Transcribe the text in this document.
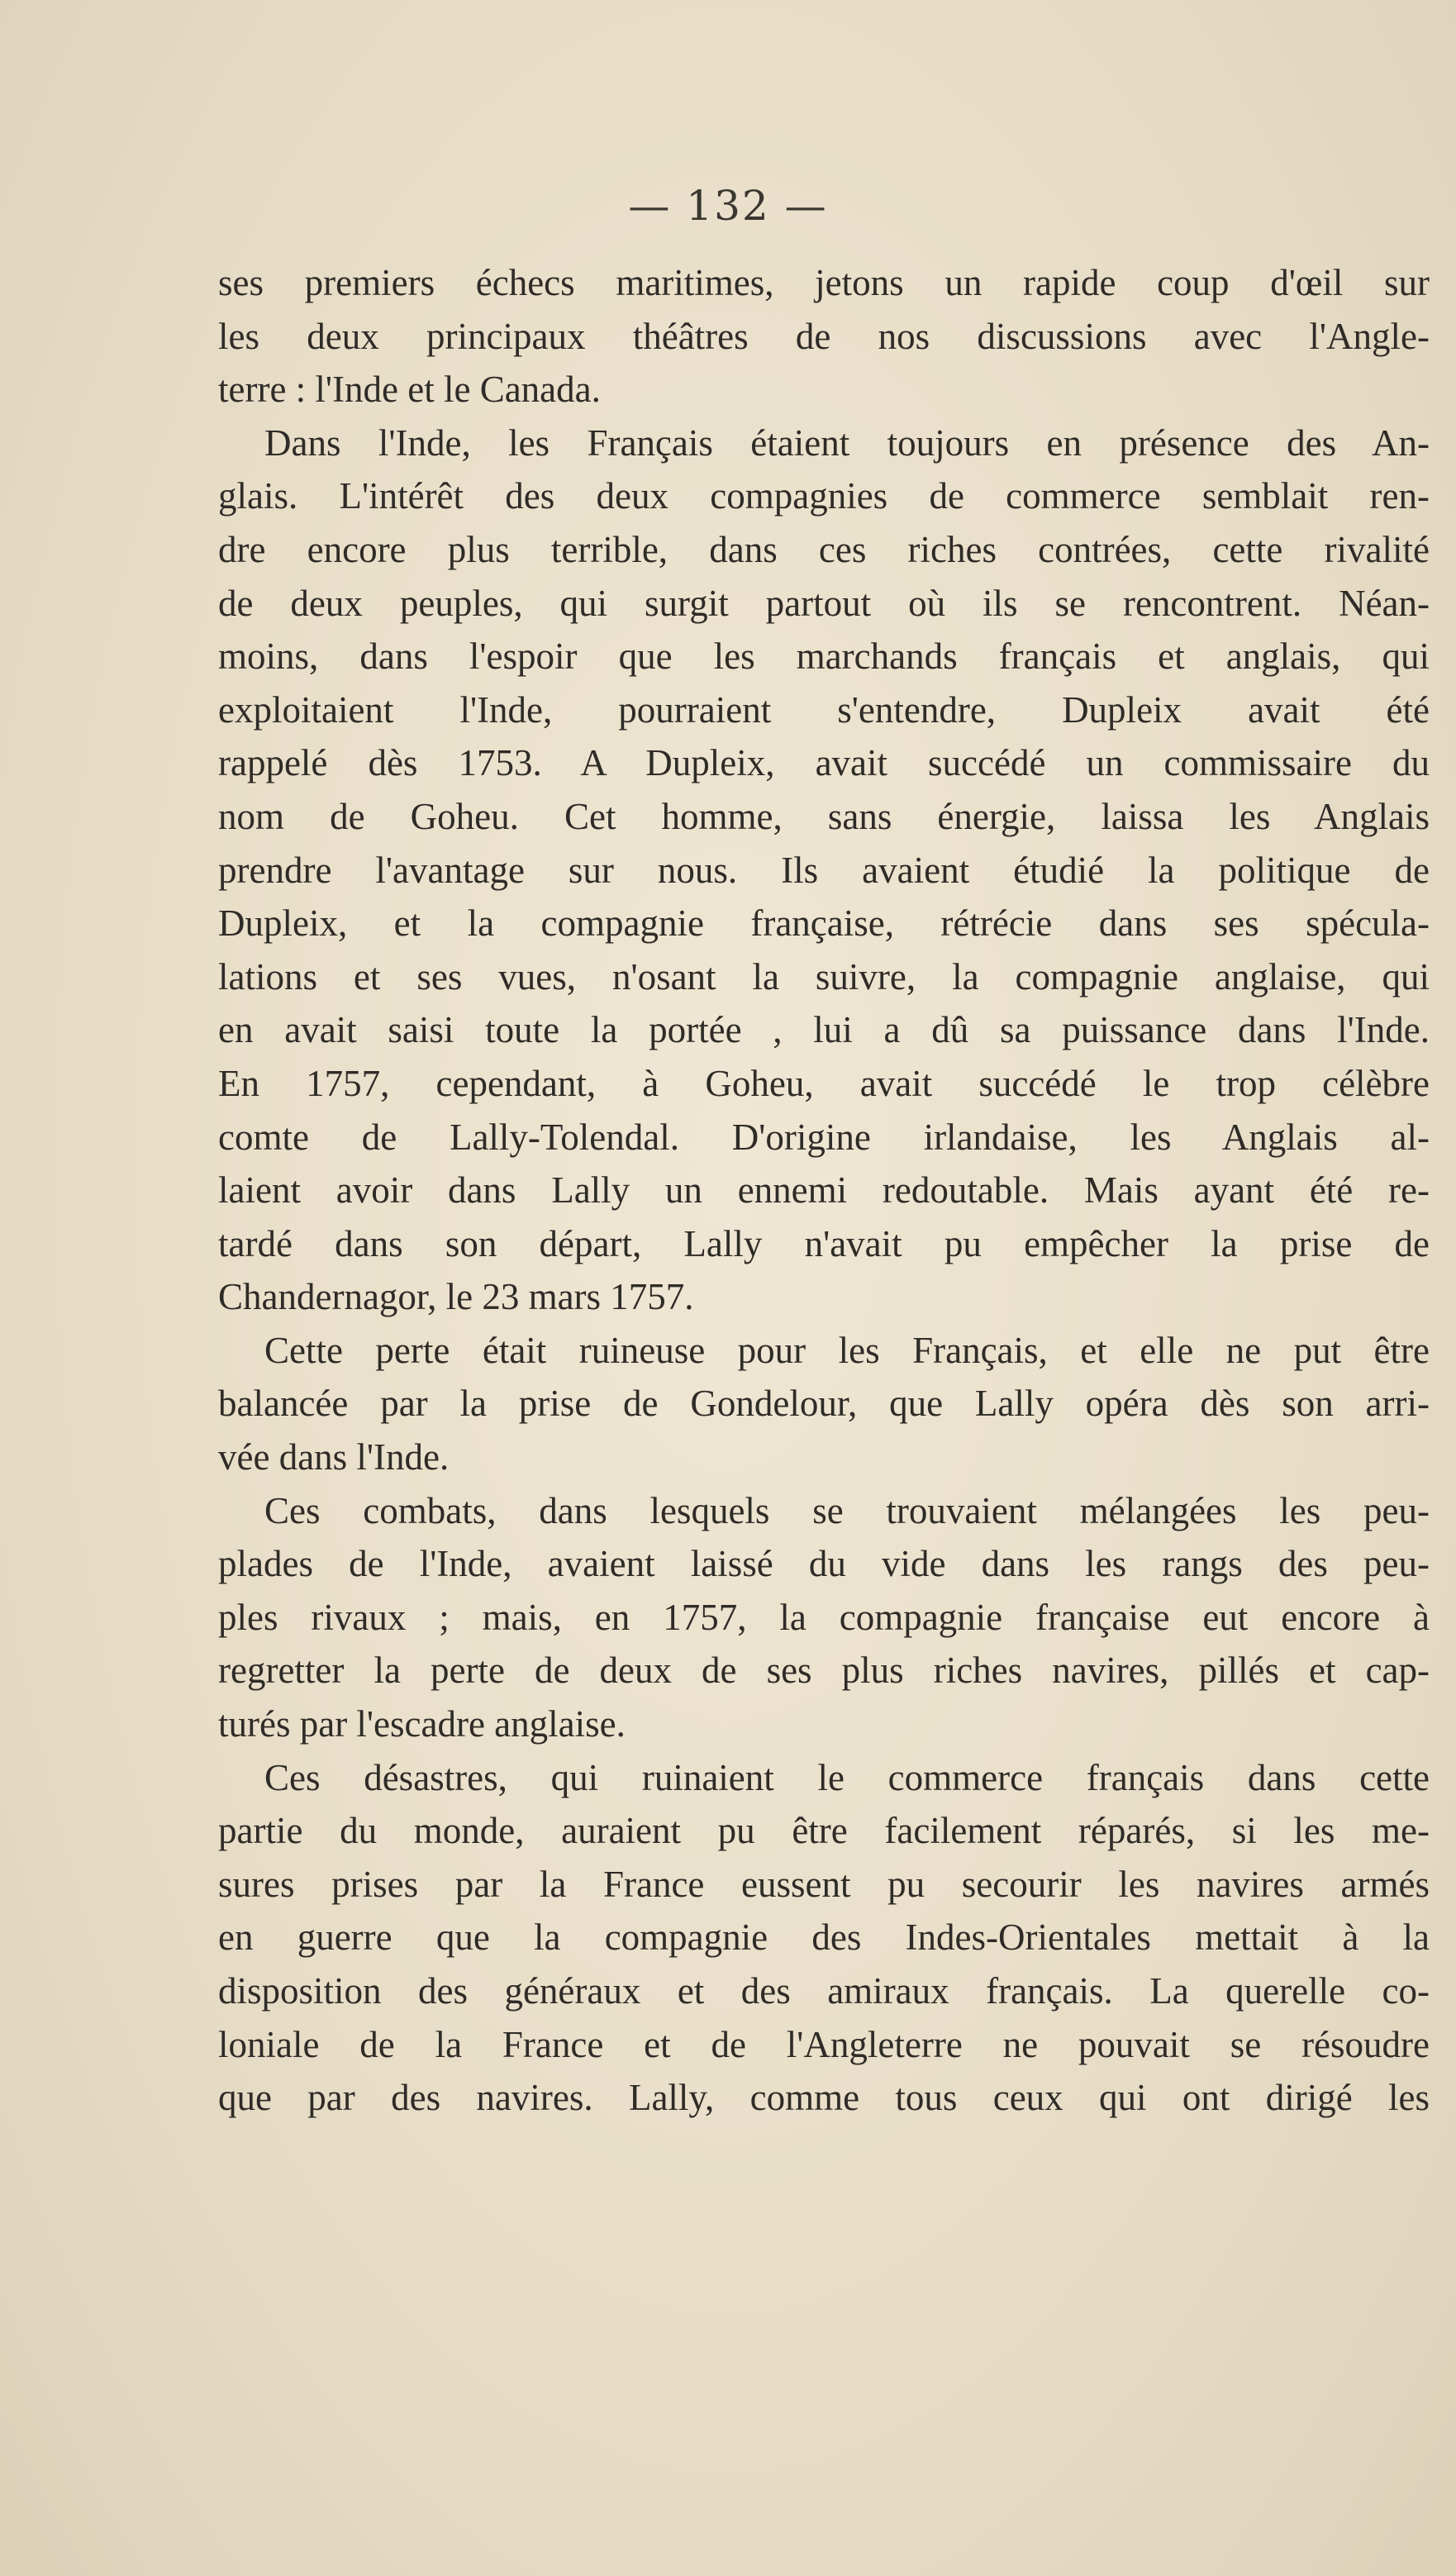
— 132 —
ses premiers échecs maritimes, jetons un rapide coup d'œil sur
les deux principaux théâtres de nos discussions avec l'Angle-
terre : l'Inde et le Canada.
Dans l'Inde, les Français étaient toujours en présence des An-
glais. L'intérêt des deux compagnies de commerce semblait ren-
dre encore plus terrible, dans ces riches contrées, cette rivalité
de deux peuples, qui surgit partout où ils se rencontrent. Néan-
moins, dans l'espoir que les marchands français et anglais, qui
exploitaient l'Inde, pourraient s'entendre, Dupleix avait été
rappelé dès 1753. A Dupleix, avait succédé un commissaire du
nom de Goheu. Cet homme, sans énergie, laissa les Anglais
prendre l'avantage sur nous. Ils avaient étudié la politique de
Dupleix, et la compagnie française, rétrécie dans ses spécula-
lations et ses vues, n'osant la suivre, la compagnie anglaise, qui
en avait saisi toute la portée , lui a dû sa puissance dans l'Inde.
En 1757, cependant, à Goheu, avait succédé le trop célèbre
comte de Lally-Tolendal. D'origine irlandaise, les Anglais al-
laient avoir dans Lally un ennemi redoutable. Mais ayant été re-
tardé dans son départ, Lally n'avait pu empêcher la prise de
Chandernagor, le 23 mars 1757.
Cette perte était ruineuse pour les Français, et elle ne put être
balancée par la prise de Gondelour, que Lally opéra dès son arri-
vée dans l'Inde.
Ces combats, dans lesquels se trouvaient mélangées les peu-
plades de l'Inde, avaient laissé du vide dans les rangs des peu-
ples rivaux ; mais, en 1757, la compagnie française eut encore à
regretter la perte de deux de ses plus riches navires, pillés et cap-
turés par l'escadre anglaise.
Ces désastres, qui ruinaient le commerce français dans cette
partie du monde, auraient pu être facilement réparés, si les me-
sures prises par la France eussent pu secourir les navires armés
en guerre que la compagnie des Indes-Orientales mettait à la
disposition des généraux et des amiraux français. La querelle co-
loniale de la France et de l'Angleterre ne pouvait se résoudre
que par des navires. Lally, comme tous ceux qui ont dirigé les
